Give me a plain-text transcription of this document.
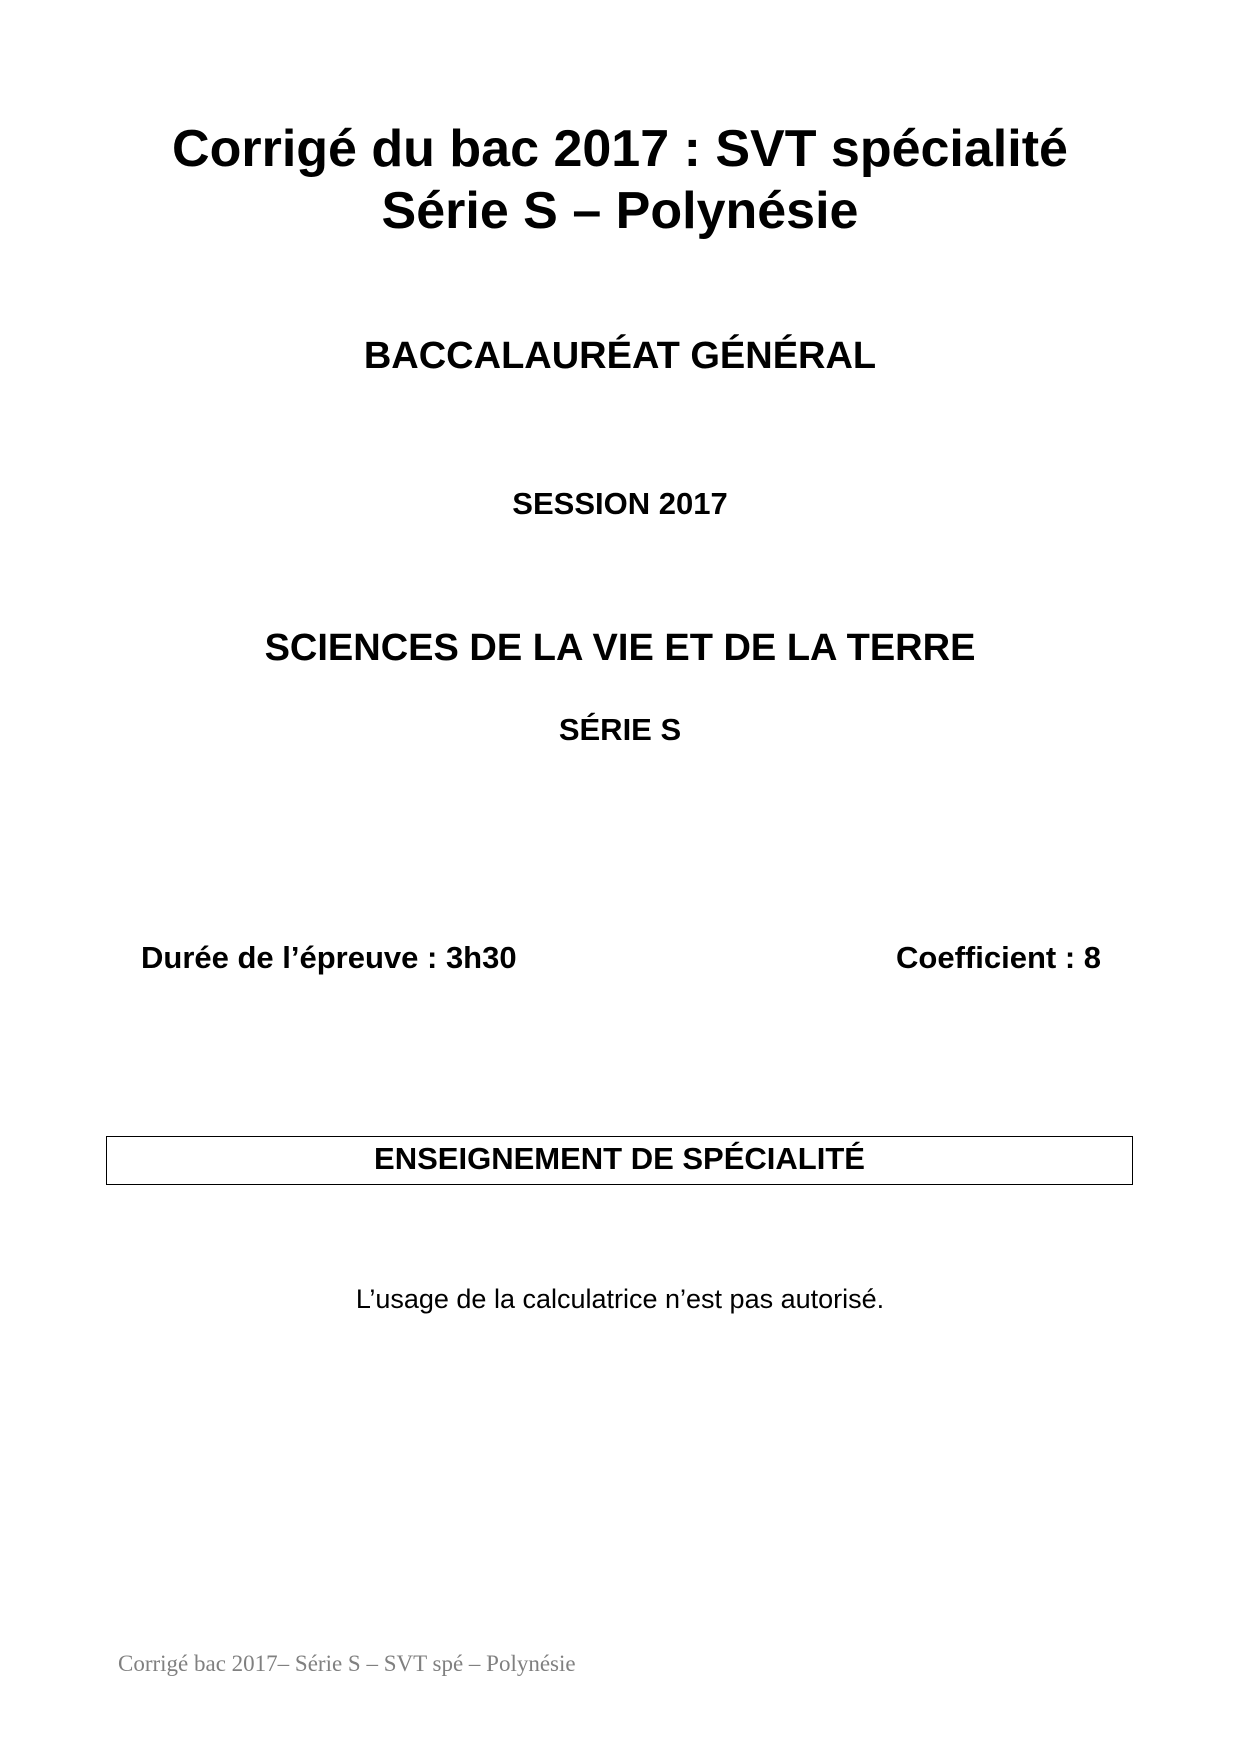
Corrigé du bac 2017 : SVT spécialité
Série S – Polynésie
BACCALAURÉAT GÉNÉRAL
SESSION 2017
SCIENCES DE LA VIE ET DE LA TERRE
SÉRIE S
Durée de l’épreuve : 3h30	Coefficient : 8
ENSEIGNEMENT DE SPÉCIALITÉ
L’usage de la calculatrice n’est pas autorisé.
Corrigé bac 2017– Série S – SVT spé – Polynésie
